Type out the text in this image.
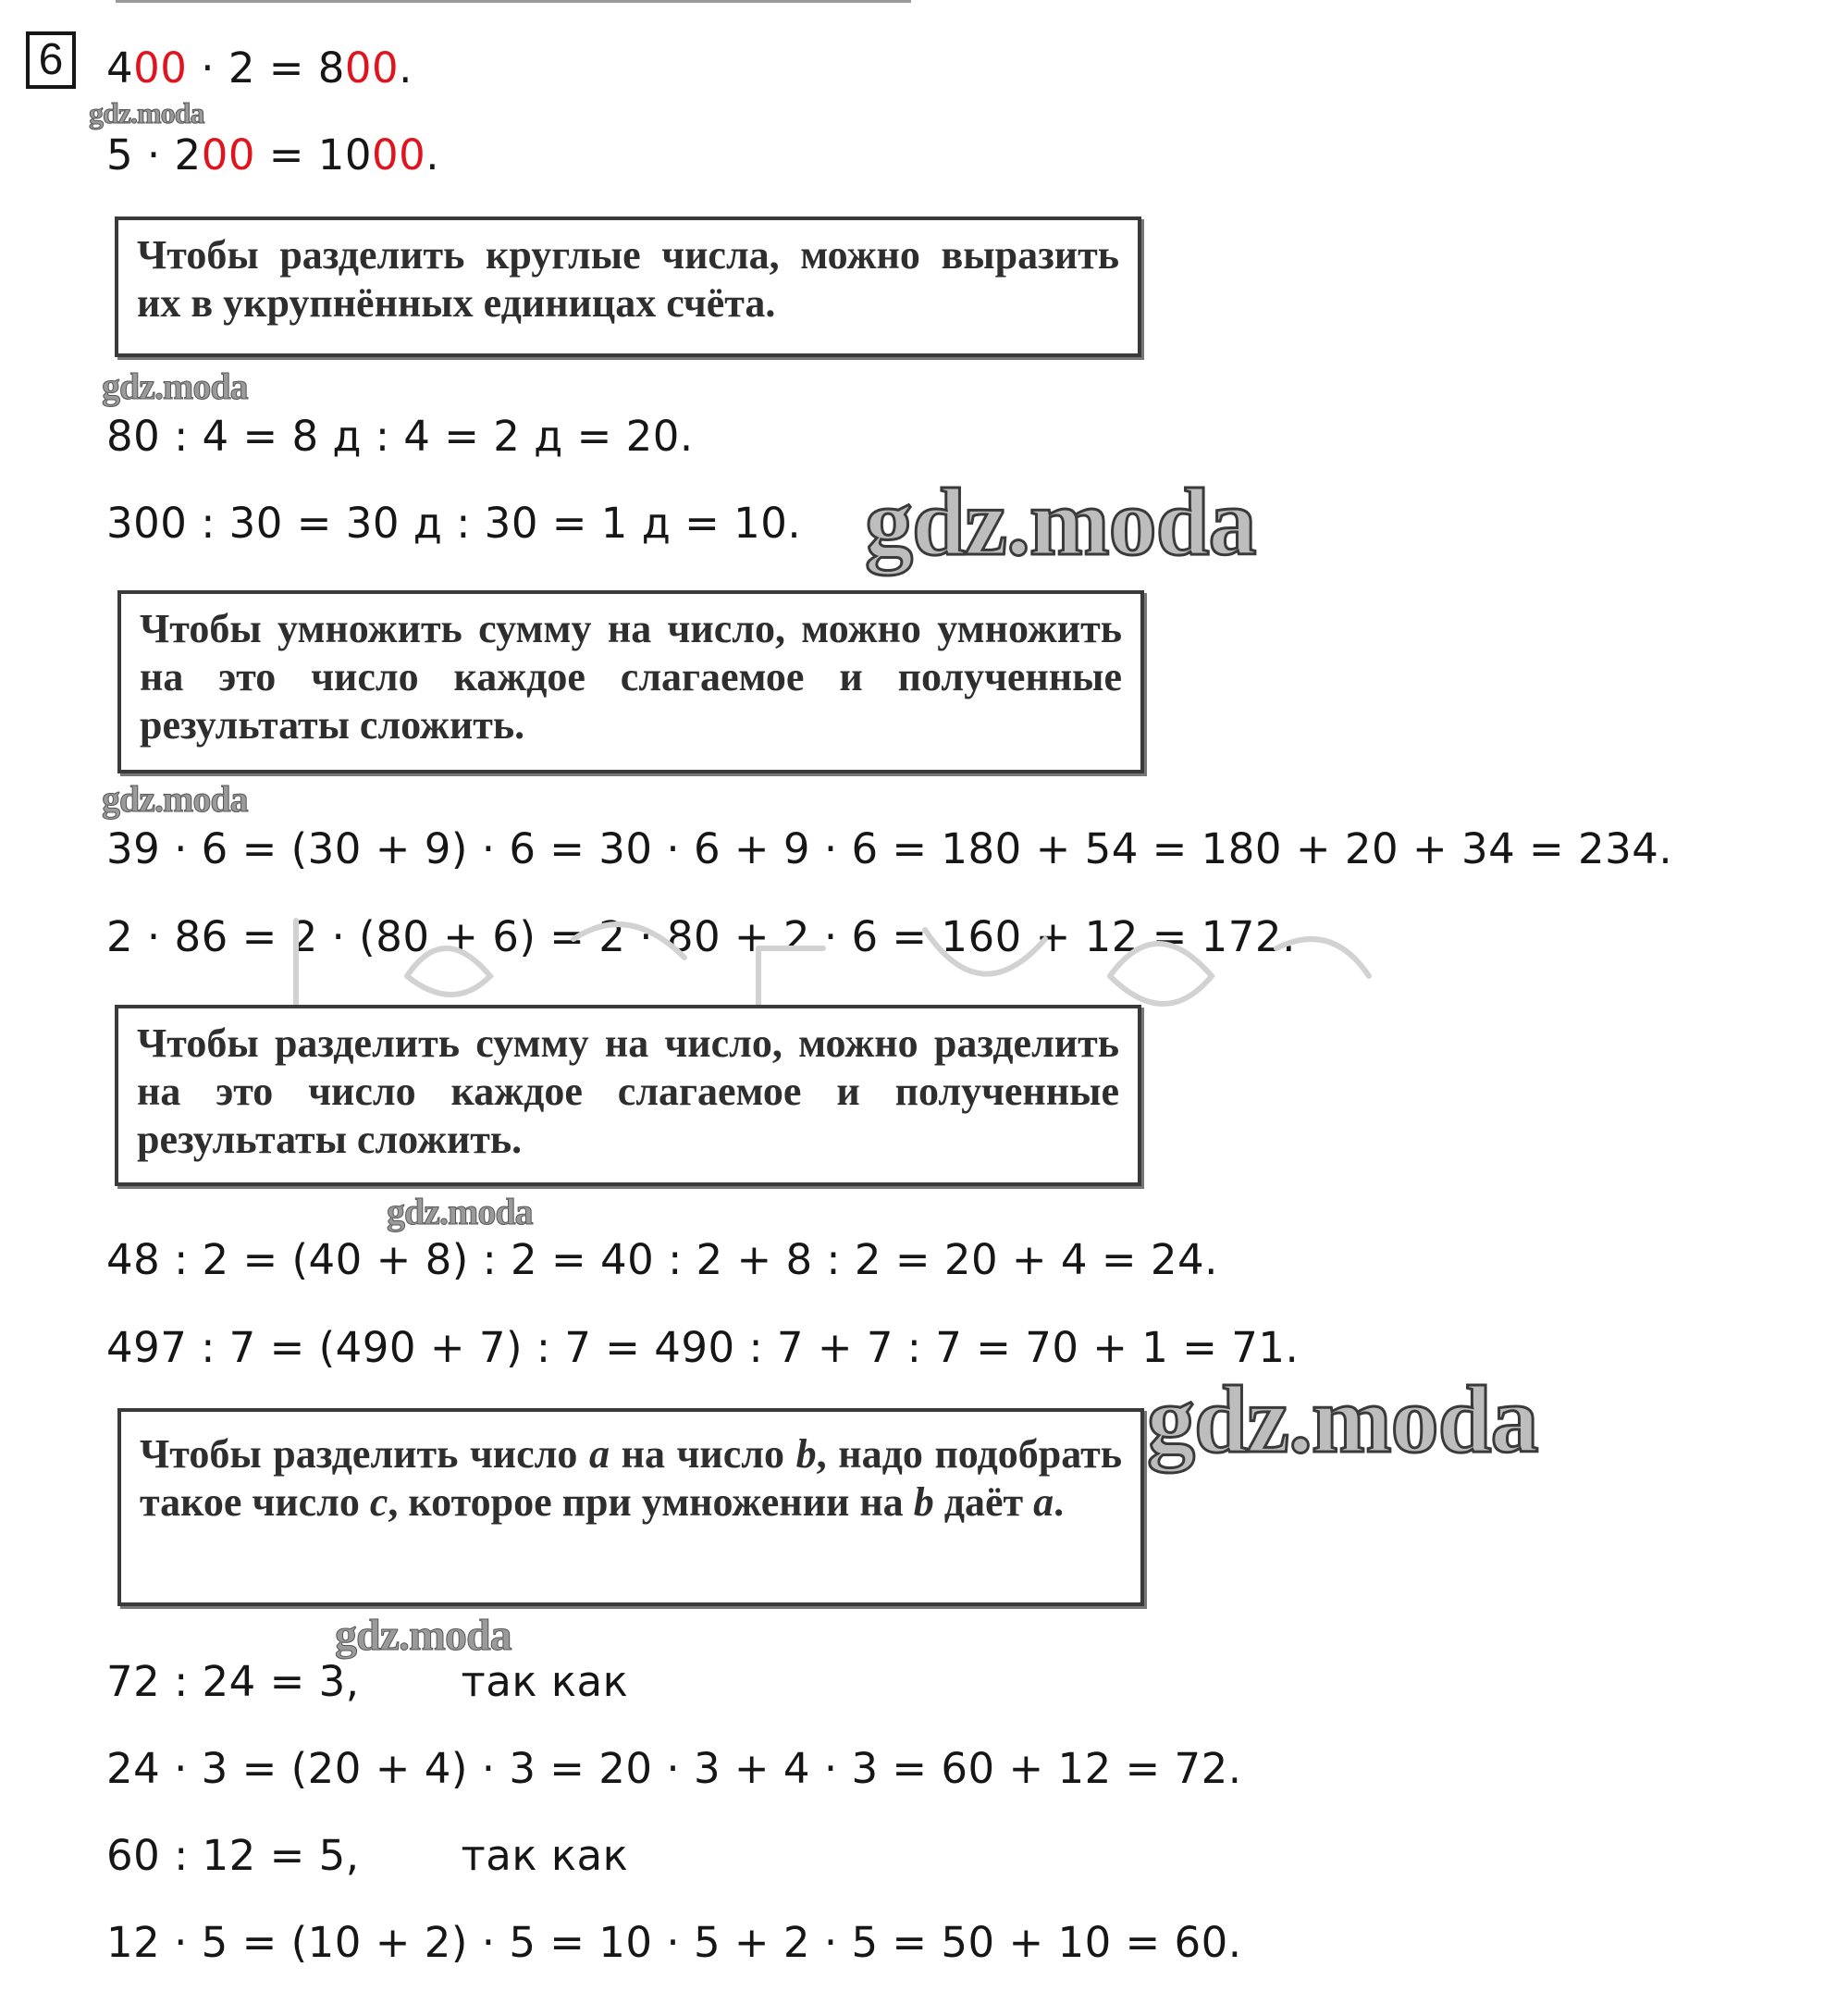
6	400 · 2 = 800.
5 · 200 = 1000.
Чтобы разделить круглые числа, можно выразить их в укрупнённых единицах счёта.
80 : 4 = 8 д : 4 = 2 д = 20.
300 : 30 = 30 д : 30 = 1 д = 10.
Чтобы умножить сумму на число, можно умножить на это число каждое слагаемое и полученные результаты сложить.
39 · 6 = (30 + 9) · 6 = 30 · 6 + 9 · 6 = 180 + 54 = 180 + 20 + 34 = 234.
2 · 86 = 2 · (80 + 6) = 2 · 80 + 2 · 6 = 160 + 12 = 172.
Чтобы разделить сумму на число, можно разделить на это число каждое слагаемое и полученные результаты сложить.
48 : 2 = (40 + 8) : 2 = 40 : 2 + 8 : 2 = 20 + 4 = 24.
497 : 7 = (490 + 7) : 7 = 490 : 7 + 7 : 7 = 70 + 1 = 71.
Чтобы разделить число a на число b, надо подобрать такое число c, которое при умножении на b даёт a.
72 : 24 = 3, так как
24 · 3 = (20 + 4) · 3 = 20 · 3 + 4 · 3 = 60 + 12 = 72.
60 : 12 = 5, так как
12 · 5 = (10 + 2) · 5 = 10 · 5 + 2 · 5 = 50 + 10 = 60.
gdz.moda
gdz.moda
gdz.moda
gdz.moda
gdz.moda
gdz.moda
gdz.moda
